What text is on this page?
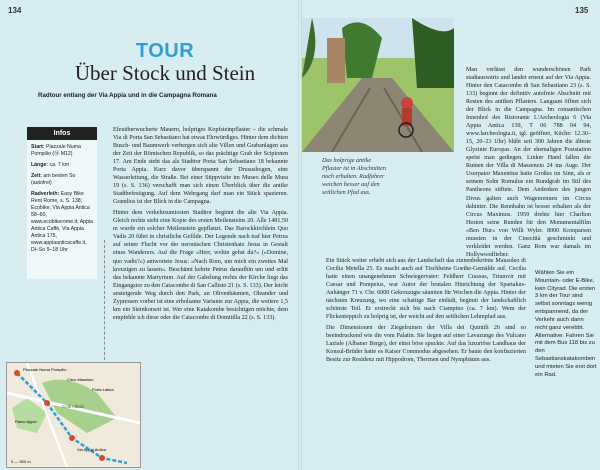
134	135
TOUR
Über Stock und Stein
Radtour entlang der Via Appia und in die Campagna Romana
Infos

Start: Piazzale Numa Pompilio (Ⓜ M12)

Länge: ca. 7 km

Zeit: am besten So (autofrei)

Radverleih: Easy Bike Rent Rome, s. S. 138; Ecobike, Via Appia Antica 58–60, www.ecobikerome.it; Appia Antica Caffè, Via Appia Antica 175, www.appiaanticacaffe.it, Di–So 9–18 Uhr

Efeuüberwucherte Mauern, holpriges Kopfsteinpflaster – die schmale Via di Porta San Sebastiano hat etwas Ehrwürdiges. Hinter dem dichten Busch- und Baumwerk verbergen sich alte Villen und Grabanlagen aus der Zeit der Römischen Republik, so das prächtige Grab der Scipionen 17. Am Ende steht das als Stadttor Porta San Sebastiano 18 bekannte Porta Appia. Kurz davor überspannt der Drususbogen, eine Wasserleitung, die Straße. Bei einer Stippvisite im Museo delle Mura 19 (s. S. 136) verschafft man sich einen Überblick über die antike Stadtbefestigung. Auf dem Wehrgang darf man ein Stück spazieren. Grandios ist der Blick in die Campagna.

Hinter dem verkehrsumtosten Stadttor beginnt die alte Via Appia. Gleich rechts steht eine Kopie des ersten Meilensteins 20. Alle 1481,50 m wurde ein solcher Meilenstein gepflanzt. Das Barockkirchlein Quo Vadis 20 führt in christliche Gefilde. Der Legende nach traf hier Petrus auf seiner Flucht vor der neronischen Christenhatz Jesus in Gestalt eines Wanderers. Auf die Frage »Herr, wohin gehst du?« (»Domine, quo vadis?«) antwortete Jesus: »Nach Rom, um mich ein zweites Mal kreuzigen zu lassen«. Beschämt kehrte Petrus daraufhin um und erlitt das bekannte Martyrium. Auf der Gabelung rechts der Kirche liegt das Eingangstor zu den Catacombe di San Callisto 21 (s. S. 133). Der leicht ansteigende Weg durch den Park, an Olivenbäumen, Oleander und Zypressen vorbei ist eine erholsame Variante zur Appia, die weitere 1,5 km ein Steinkorsett ist. Wer eine Katakombe besichtigen möchte, dem empfehle ich diese oder die Catacombe di Domitilla 22 (s. S. 133).

Piazzale Numa Pompilio
Circo Massimo
Colli Albani
Porta Latina
Parco Appio
Via Appia Antica
0 — 500 m
Das holprige antike Pflaster ist in Abschnitten noch erhalten. Radfahrer weichen besser auf den seitlichen Pfad aus.

Man verlässt den wunderschönen Park stadtauswärts und landet erneut auf der Via Appia. Hinter den Catacombe di San Sebastiano 23 (s. S. 133) beginnt der definitiv autofreie Abschnitt mit Resten des antiken Pflasters. Langsam öffnet sich der Blick in die Campagna. Im romantischen Innenhof des Ristorante L'Archeologia 6 (Via Appia Antica 139, T 06 788 04 94, www.larcheologia.it, tgl. geöffnet, Küche: 12.30–15, 20–23 Uhr) blüht seit 300 Jahren die älteste Glyzinie Europas. An der ehemaligen Poststation speist man gediegen. Linker Hand fallen die Ruinen der Villa di Massenzio 24 ins Auge. Der Usurpator Maxentius hatte Großes im Sinn, als er seinem Sohn Romulus ein Rundgrab im Stil des Pantheons stiftete. Dem Andenken des jungen Divus galten auch Wagenrennen im Circus dahinter. Die Rennbahn ist besser erhalten als der Circus Maximus. 1959 drehte hier Charlton Heston seine Runden für den Monumentalfilm »Ben Hur« von Willi Wyler. 8000 Komparsen mussten in der Cinecittà geschminkt und verkleidet werden. Ganz Rom war damals im Hollywoodfieber.

Ein Stück weiter erhebt sich aus der Landschaft das zinnenbekrönte Mausoleo di Cecilia Metella 25. Es macht auch auf Tischbeins Goethe-Gemälde auf. Cecilia hatte einen unangenehmen Schwiegervater: Feldherr Crassus, Triumvir mit Caesar und Pompeius, war Autor der brutalen Hinrichtung der Spartakus-Anhänger 71 v. Chr. 6000 Gekreuzigte säumten für Wochen die Appia. Hinter der nächsten Kreuzung, wo eine schattige Bar einlädt, beginnt der landschaftlich schönste Teil. Er erstreckt sich bis nach Ciampino (ca. 7 km). Wem der Flickenteppich zu holprig ist, der weicht auf den seitlichen Lehmpfad aus.

Die Dimensionen der Ziegelruinen der Villa dei Quintili 26 sind so beeindruckend wie die vom Palatin. Sie liegen auf einer Lavazunge des Vulcano Laziale (Albaner Berge), der einst böse spuckte. Auf das luxuriöse Landhaus der Konsul-Brüder hatte es Kaiser Commodus abgesehen. Er baute den konfiszierten Besitz zur Residenz mit Hippodrom, Thermen und Nymphäum aus.

Wählen Sie ein Mountain- oder E-Bike, kein Cityrad. Die ersten 3 km der Tour sind selbst sonntags wenig entspannend, da der Verkehr auch dann nicht ganz verebbt. Alternative: Fahren Sie mit dem Bus 118 bis zu den Sebastianskatakomben und mieten Sie erst dort ein Rad.
